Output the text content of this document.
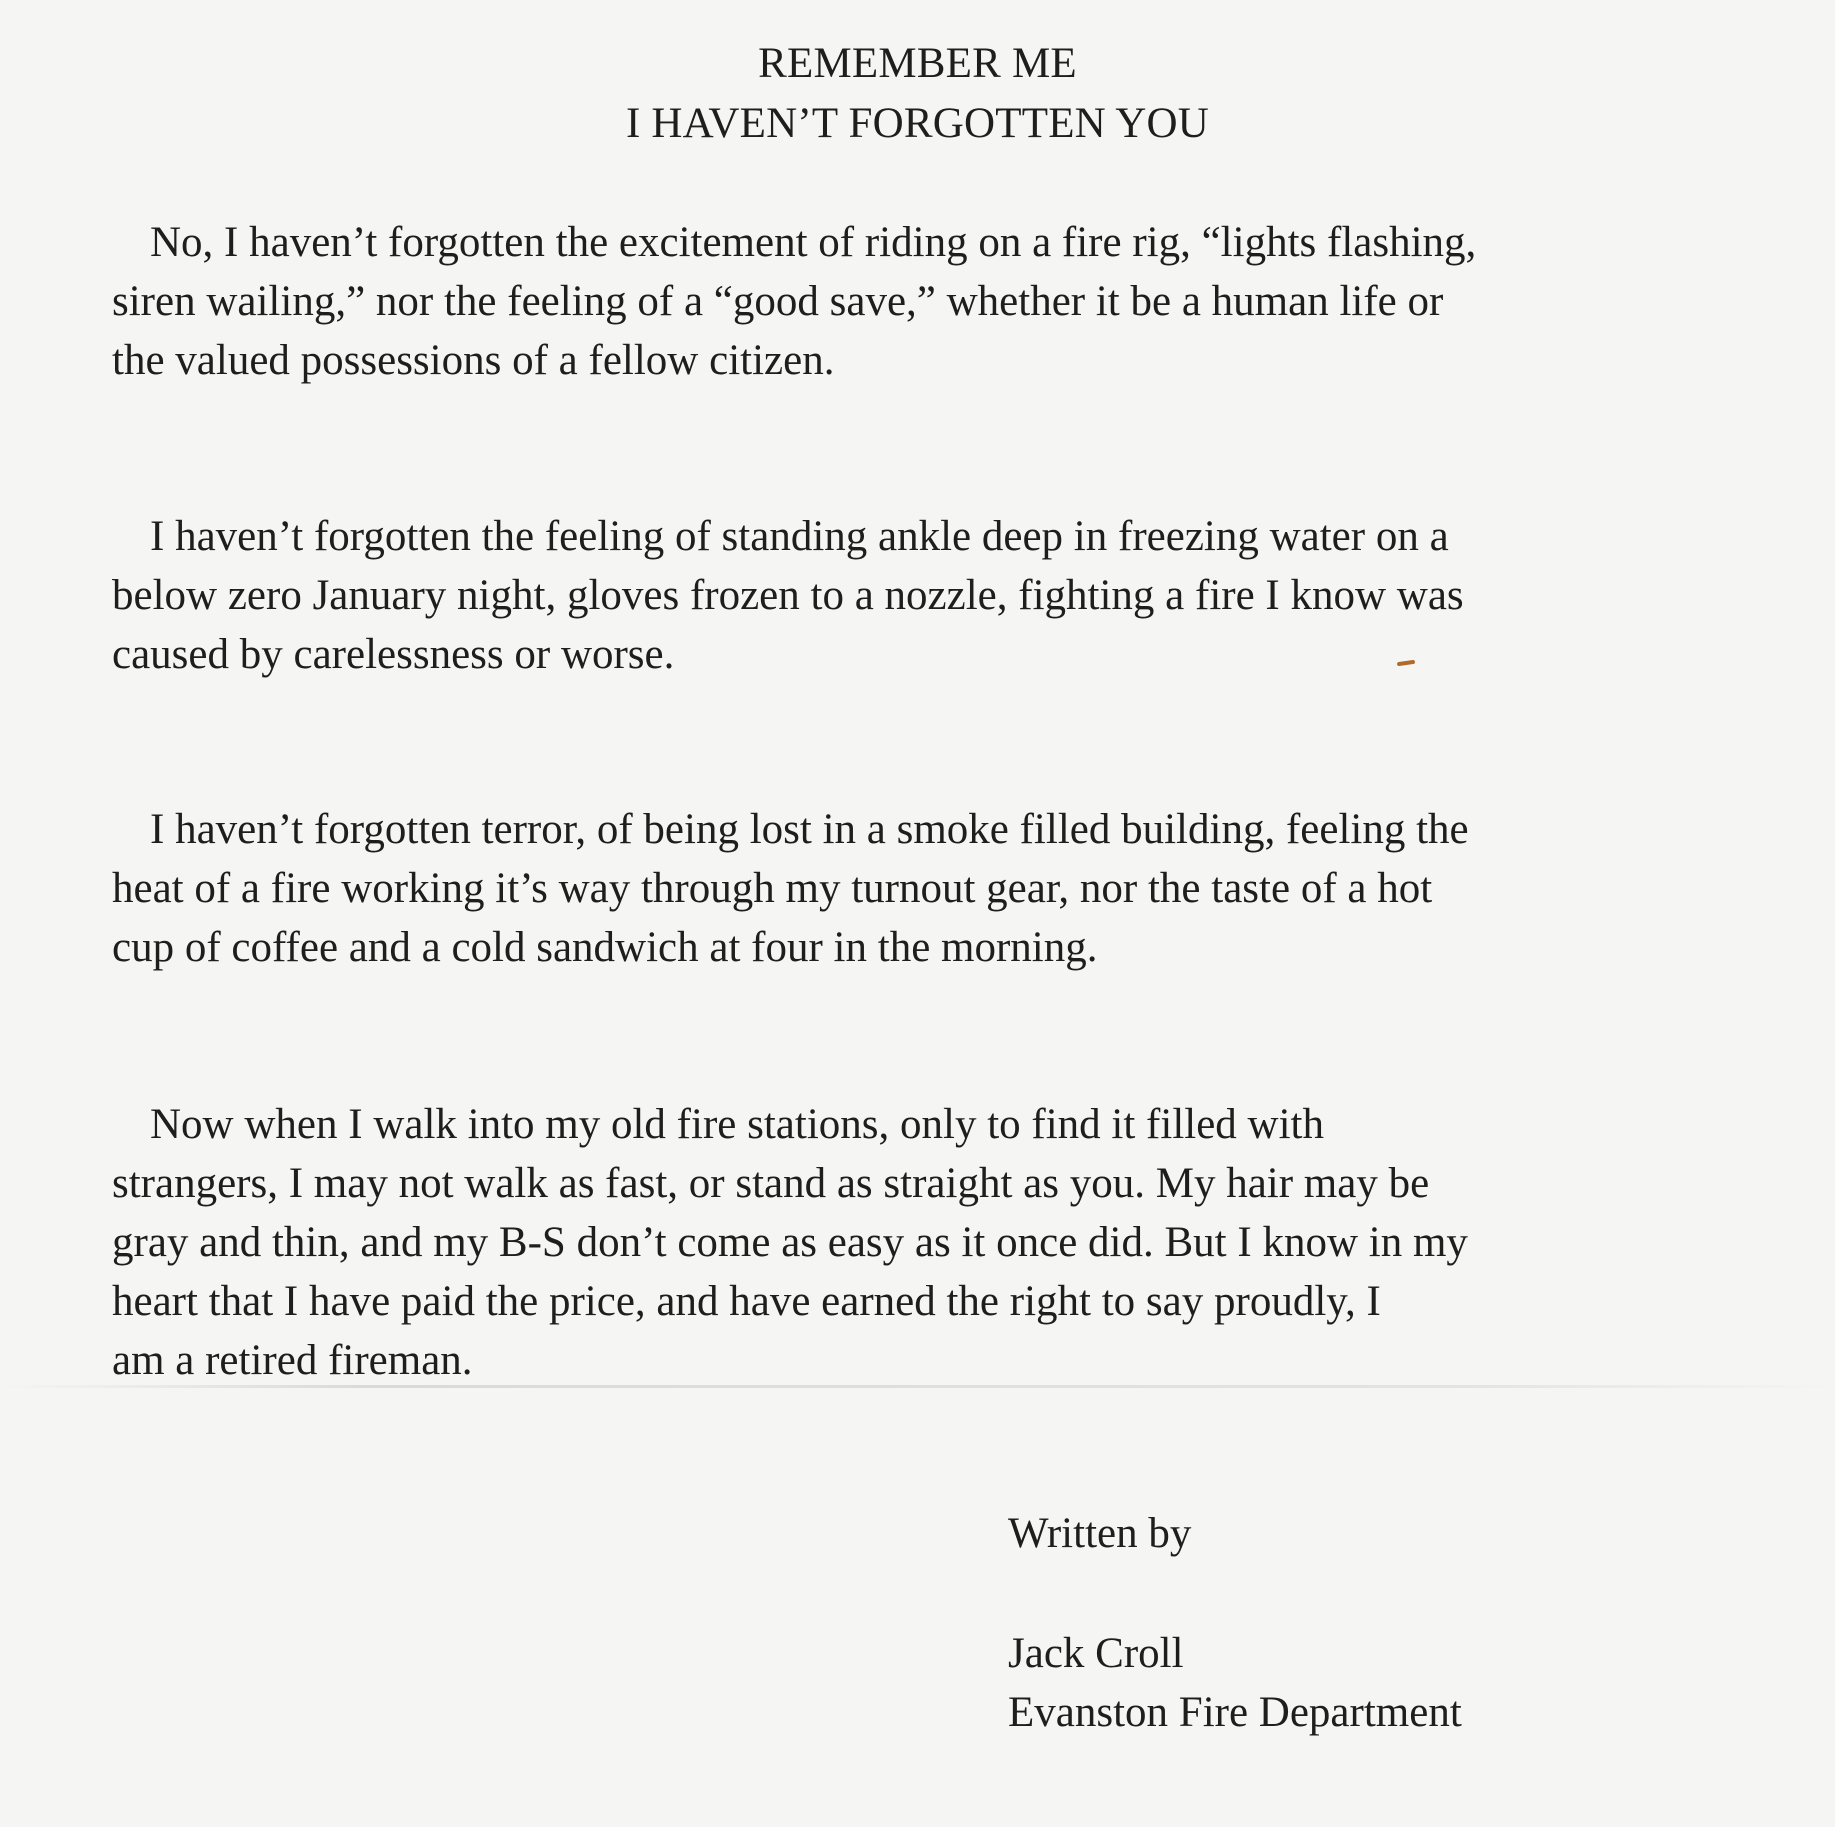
REMEMBER ME
I HAVEN’T FORGOTTEN YOU

No, I haven’t forgotten the excitement of riding on a fire rig, “lights flashing,
siren wailing,” nor the feeling of a “good save,” whether it be a human life or
the valued possessions of a fellow citizen.

I haven’t forgotten the feeling of standing ankle deep in freezing water on a
below zero January night, gloves frozen to a nozzle, fighting a fire I know was
caused by carelessness or worse.

I haven’t forgotten terror, of being lost in a smoke filled building, feeling the
heat of a fire working it’s way through my turnout gear, nor the taste of a hot
cup of coffee and a cold sandwich at four in the morning.

Now when I walk into my old fire stations, only to find it filled with
strangers, I may not walk as fast, or stand as straight as you. My hair may be
gray and thin, and my B-S don’t come as easy as it once did. But I know in my
heart that I have paid the price, and have earned the right to say proudly, I
am a retired fireman.

Written by
Jack Croll
Evanston Fire Department
